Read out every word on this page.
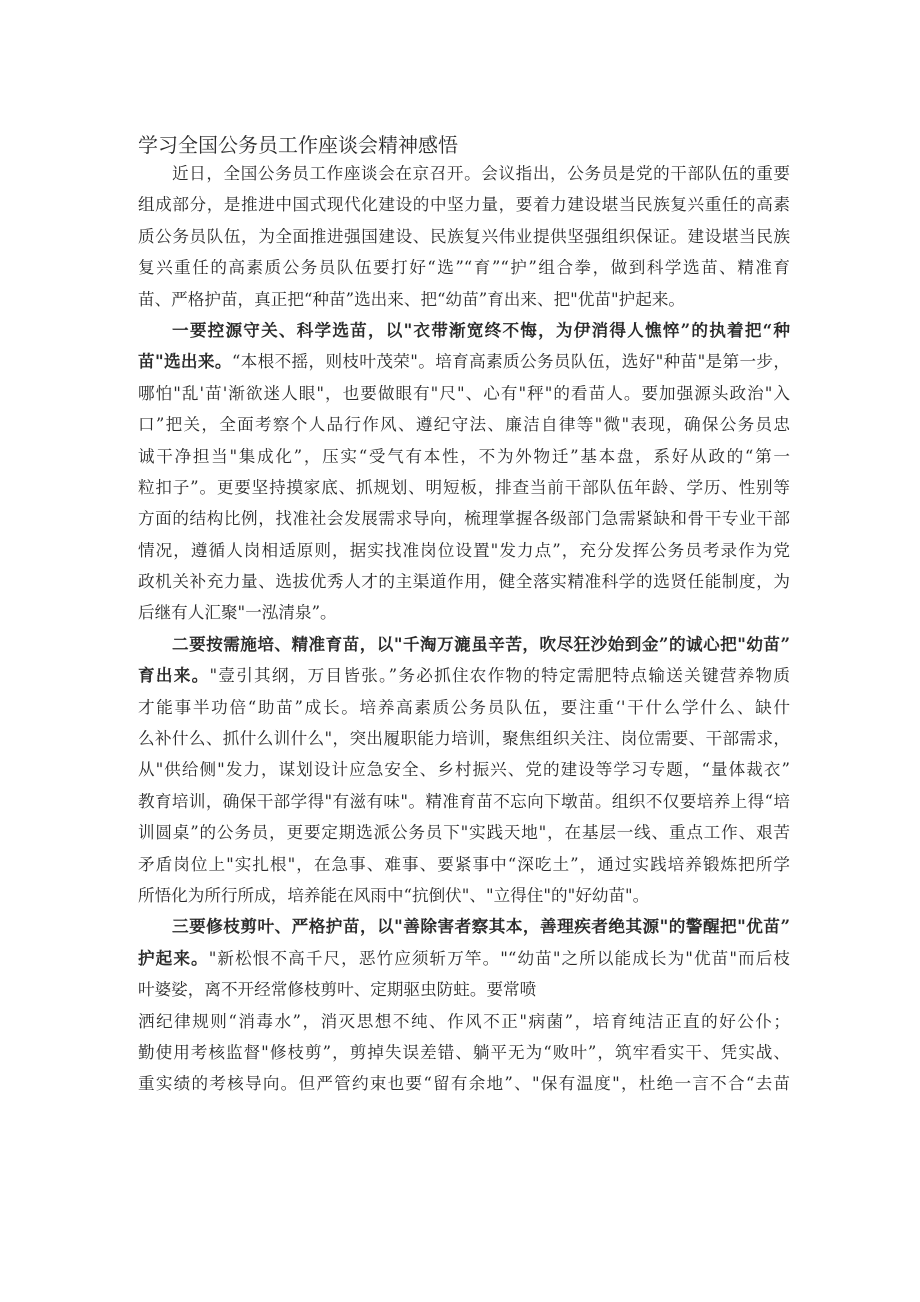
学习全国公务员工作座谈会精神感悟
近日，全国公务员工作座谈会在京召开。会议指出，公务员是党的干部队伍的重要
组成部分，是推进中国式现代化建设的中坚力量，要着力建设堪当民族复兴重任的高素
质公务员队伍，为全面推进强国建设、民族复兴伟业提供坚强组织保证。建设堪当民族
复兴重任的高素质公务员队伍要打好“选”“育”“护”组合拳，做到科学选苗、精准育
苗、严格护苗，真正把“种苗”选出来、把“幼苗”育出来、把"优苗"护起来。
一要控源守关、科学选苗，以"衣带渐宽终不悔，为伊消得人憔悴”的执着把“种
苗"选出来。“本根不摇，则枝叶茂荣"。培育高素质公务员队伍，选好"种苗"是第一步，
哪怕"乱'苗'渐欲迷人眼"，也要做眼有"尺"、心有"秤"的看苗人。要加强源头政治"入
口”把关，全面考察个人品行作风、遵纪守法、廉洁自律等"微"表现，确保公务员忠
诚干净担当"集成化”，压实“受气有本性，不为外物迁”基本盘，系好从政的“第一
粒扣子”。更要坚持摸家底、抓规划、明短板，排查当前干部队伍年龄、学历、性别等
方面的结构比例，找准社会发展需求导向，梳理掌握各级部门急需紧缺和骨干专业干部
情况，遵循人岗相适原则，据实找准岗位设置"发力点”，充分发挥公务员考录作为党
政机关补充力量、选拔优秀人才的主渠道作用，健全落实精准科学的选贤任能制度，为
后继有人汇聚"一泓清泉”。
二要按需施培、精准育苗，以"千淘万漉虽辛苦，吹尽狂沙始到金”的诚心把"幼苗”
育出来。"壹引其纲，万目皆张。”务必抓住农作物的特定需肥特点输送关键营养物质
才能事半功倍“助苗”成长。培养高素质公务员队伍，要注重‘'干什么学什么、缺什
么补什么、抓什么训什么"，突出履职能力培训，聚焦组织关注、岗位需要、干部需求，
从"供给侧"发力，谋划设计应急安全、乡村振兴、党的建设等学习专题，“量体裁衣”
教育培训，确保干部学得"有滋有味"。精准育苗不忘向下墩苗。组织不仅要培养上得“培
训圆桌”的公务员，更要定期选派公务员下"实践天地"，在基层一线、重点工作、艰苦
矛盾岗位上"实扎根"，在急事、难事、要紧事中“深吃土”，通过实践培养锻炼把所学
所悟化为所行所成，培养能在风雨中“抗倒伏"、"立得住"的"好幼苗"。
三要修枝剪叶、严格护苗，以"善除害者察其本，善理疾者绝其源"的警醒把"优苗”
护起来。"新松恨不高千尺，恶竹应须斩万竿。"“幼苗"之所以能成长为"优苗"而后枝
叶婆娑，离不开经常修枝剪叶、定期驱虫防蛀。要常喷
洒纪律规则“消毒水”，消灭思想不纯、作风不正"病菌”，培育纯洁正直的好公仆；
勤使用考核监督"修枝剪”，剪掉失误差错、躺平无为“败叶”，筑牢看实干、凭实战、
重实绩的考核导向。但严管约束也要“留有余地”、"保有温度"，杜绝一言不合“去苗
